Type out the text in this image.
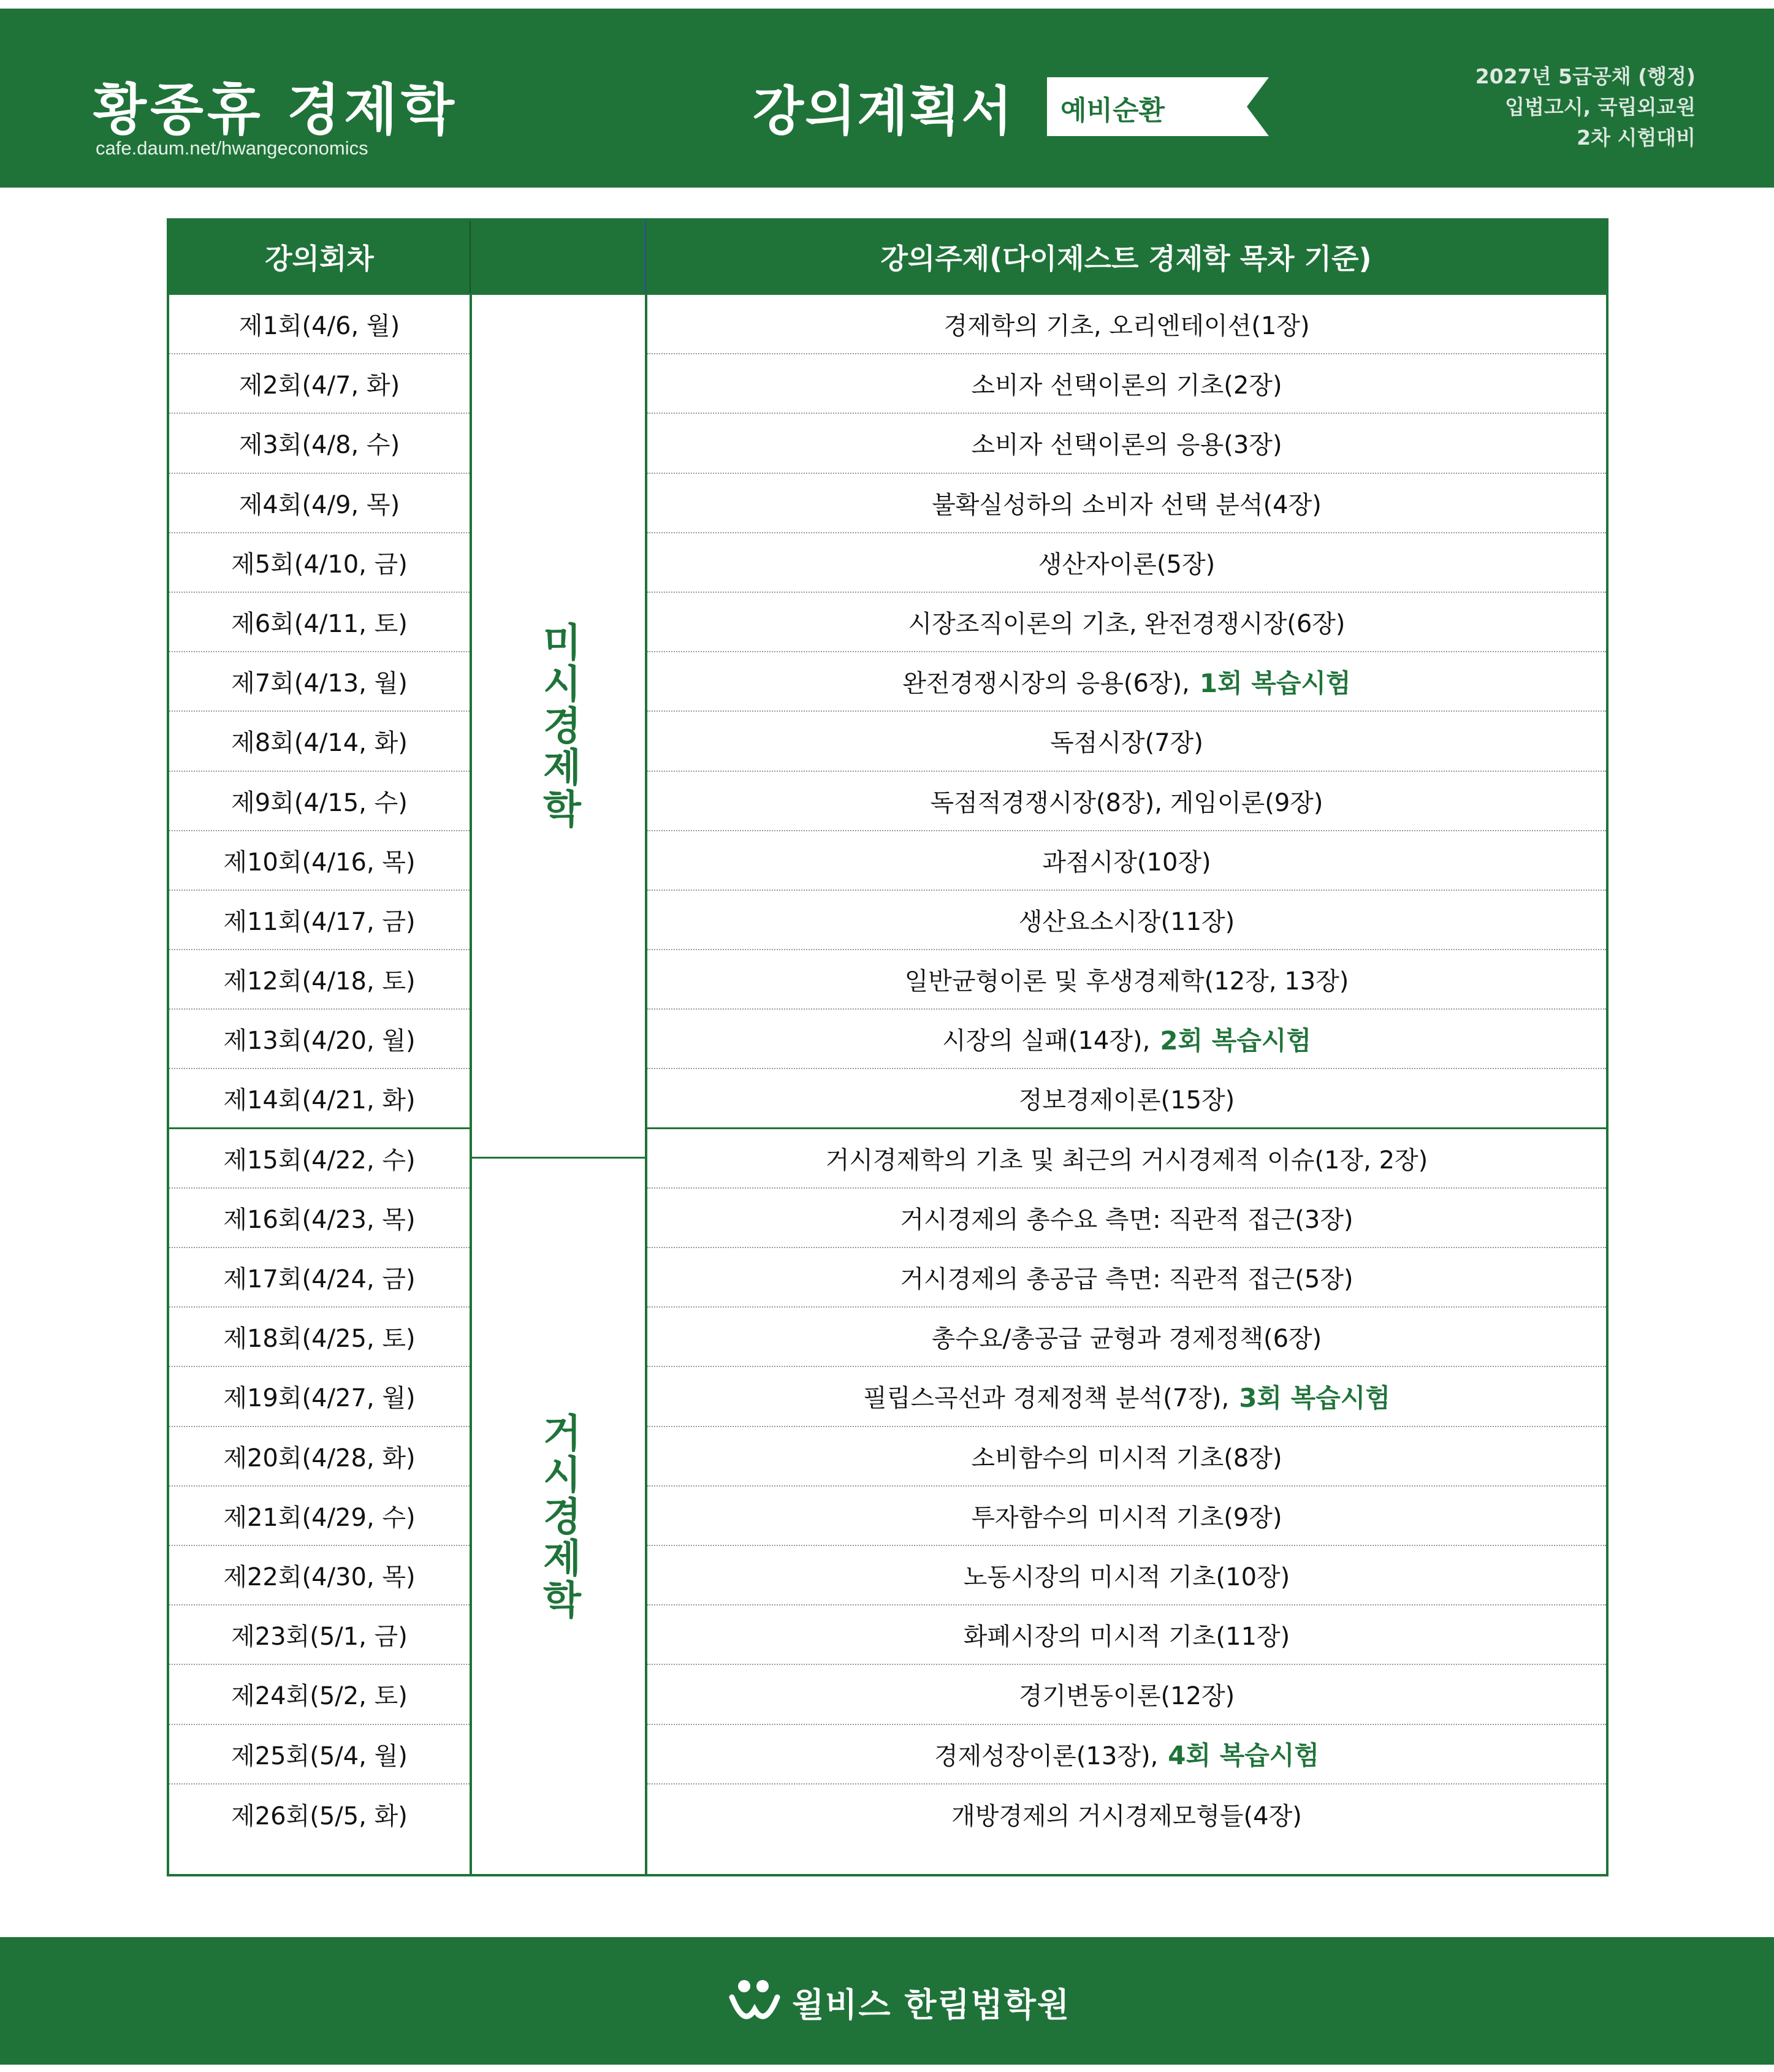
황종휴 경제학
cafe.daum.net/hwangeconomics
강의계획서 예비순환
2027년 5급공채 (행정)
입법고시, 국립외교원
2차 시험대비
강의회차	강의주제(다이제스트 경제학 목차 기준)
제1회(4/6, 월)
제2회(4/7, 화)
제3회(4/8, 수)
제4회(4/9, 목)
제5회(4/10, 금)
제6회(4/11, 토)
제7회(4/13, 월)
제8회(4/14, 화)
제9회(4/15, 수)
제10회(4/16, 목)
제11회(4/17, 금)
제12회(4/18, 토)
제13회(4/20, 월)
제14회(4/21, 화)
제15회(4/22, 수)
제16회(4/23, 목)
제17회(4/24, 금)
제18회(4/25, 토)
제19회(4/27, 월)
제20회(4/28, 화)
제21회(4/29, 수)
제22회(4/30, 목)
제23회(5/1, 금)
제24회(5/2, 토)
제25회(5/4, 월)
제26회(5/5, 화)
미시경제학
거시경제학
경제학의 기초, 오리엔테이션(1장)
소비자 선택이론의 기초(2장)
소비자 선택이론의 응용(3장)
불확실성하의 소비자 선택 분석(4장)
생산자이론(5장)
시장조직이론의 기초, 완전경쟁시장(6장)
완전경쟁시장의 응용(6장), 1회 복습시험
독점시장(7장)
독점적경쟁시장(8장), 게임이론(9장)
과점시장(10장)
생산요소시장(11장)
일반균형이론 및 후생경제학(12장, 13장)
시장의 실패(14장), 2회 복습시험
정보경제이론(15장)
거시경제학의 기초 및 최근의 거시경제적 이슈(1장, 2장)
거시경제의 총수요 측면: 직관적 접근(3장)
거시경제의 총공급 측면: 직관적 접근(5장)
총수요/총공급 균형과 경제정책(6장)
필립스곡선과 경제정책 분석(7장), 3회 복습시험
소비함수의 미시적 기초(8장)
투자함수의 미시적 기초(9장)
노동시장의 미시적 기초(10장)
화폐시장의 미시적 기초(11장)
경기변동이론(12장)
경제성장이론(13장), 4회 복습시험
개방경제의 거시경제모형들(4장)
윌비스 한림법학원
